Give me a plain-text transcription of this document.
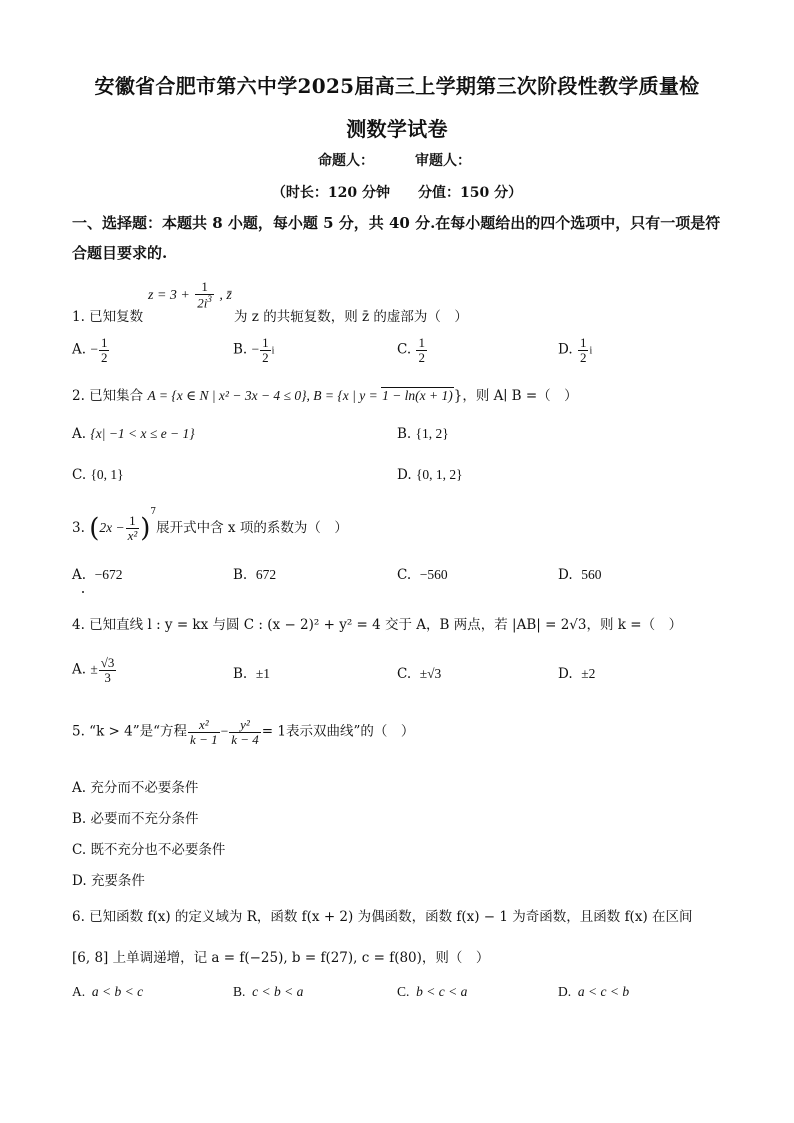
安徽省合肥市第六中学2025届高三上学期第三次阶段性教学质量检
测数学试卷
命题人：	审题人：
（时长：120 分钟　　分值：150 分）
一、选择题：本题共 8 小题，每小题 5 分，共 40 分.在每小题给出的四个选项中，只有一项是符合题目要求的.
1. 已知复数
$z = 3 + \frac{1}{2i^3}$ , z̄
为 z 的共轭复数，则 z̄ 的虚部为（　）
A. − $\frac{1}{2}$	B. − $\frac{1}{2}$ i	C. $\frac{1}{2}$	D. $\frac{1}{2}$ i
2. 已知集合 A = {x ∈ N | x² − 3x − 4 ≤ 0}, B = {x | y = 1 − ln(x + 1)}，则 A∣ B =（　）
A. {x| −1 < x ≤ e − 1}	B. {1, 2}
C. {0, 1}	D. {0, 1, 2}
3. $(2x - \frac{1}{\text{x²}} )^7$展开式中含 x 项的系数为（　）
A. −672	B. 672	C. −560	D. 560
4. 已知直线 l : y = kx 与圆 C : (x − 2)² + y² = 4 交于 A，B 两点，若 |AB| = 2√3，则 k =（　）
A. ± $\frac{√3}{3}$	B. ±1	C. ±√3	D. ±2
5. “k > 4”是“方程 $\frac{\text{x²}}{k - 1} - \frac{\text{y²}}{k - 4} = 1$表示双曲线”的（　）
A. 充分而不必要条件
B. 必要而不充分条件
C. 既不充分也不必要条件
D. 充要条件
6. 已知函数 f(x) 的定义域为 R，函数 f(x + 2) 为偶函数，函数 f(x) − 1 为奇函数，且函数 f(x) 在区间
[6, 8] 上单调递增，记 a = f(−25), b = f(27), c = f(80)，则（　）
A. a < b < c	B. c < b < a	C. b < c < a	D. a < c < b
